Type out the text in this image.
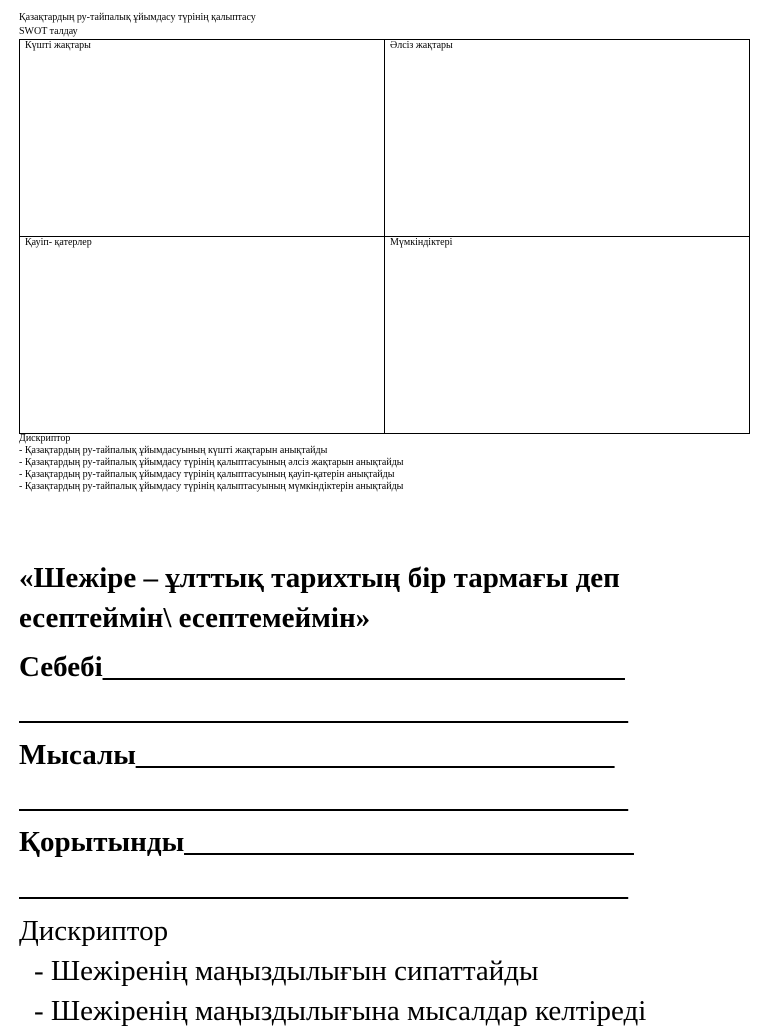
Қазақтардың ру-тайпалық ұйымдасу түрінің қалыптасу
SWOT талдау
Күшті жақтары	Әлсіз жақтары

Қауіп- қатерлер	Мүмкіндіктері
Дискриптор
- Қазақтардың ру-тайпалық ұйымдасуының күшті жақтарын анықтайды
- Қазақтардың ру-тайпалық ұйымдасу түрінің қалыптасуының әлсіз жақтарын анықтайды
- Қазақтардың ру-тайпалық ұйымдасу түрінің қалыптасуының қауіп-қатерін анықтайды
- Қазақтардың ру-тайпалық ұйымдасу түрінің қалыптасуының мүмкіндіктерін анықтайды
«Шежіре – ұлттық тарихтың бір тармағы деп есептеймін\ есептемеймін»
Себебі____________________________________
__________________________________________
Мысалы_________________________________
__________________________________________
Қорытынды_______________________________
__________________________________________
Дискриптор
- Шежіренің маңыздылығын сипаттайды
- Шежіренің маңыздылығына мысалдар келтіреді
